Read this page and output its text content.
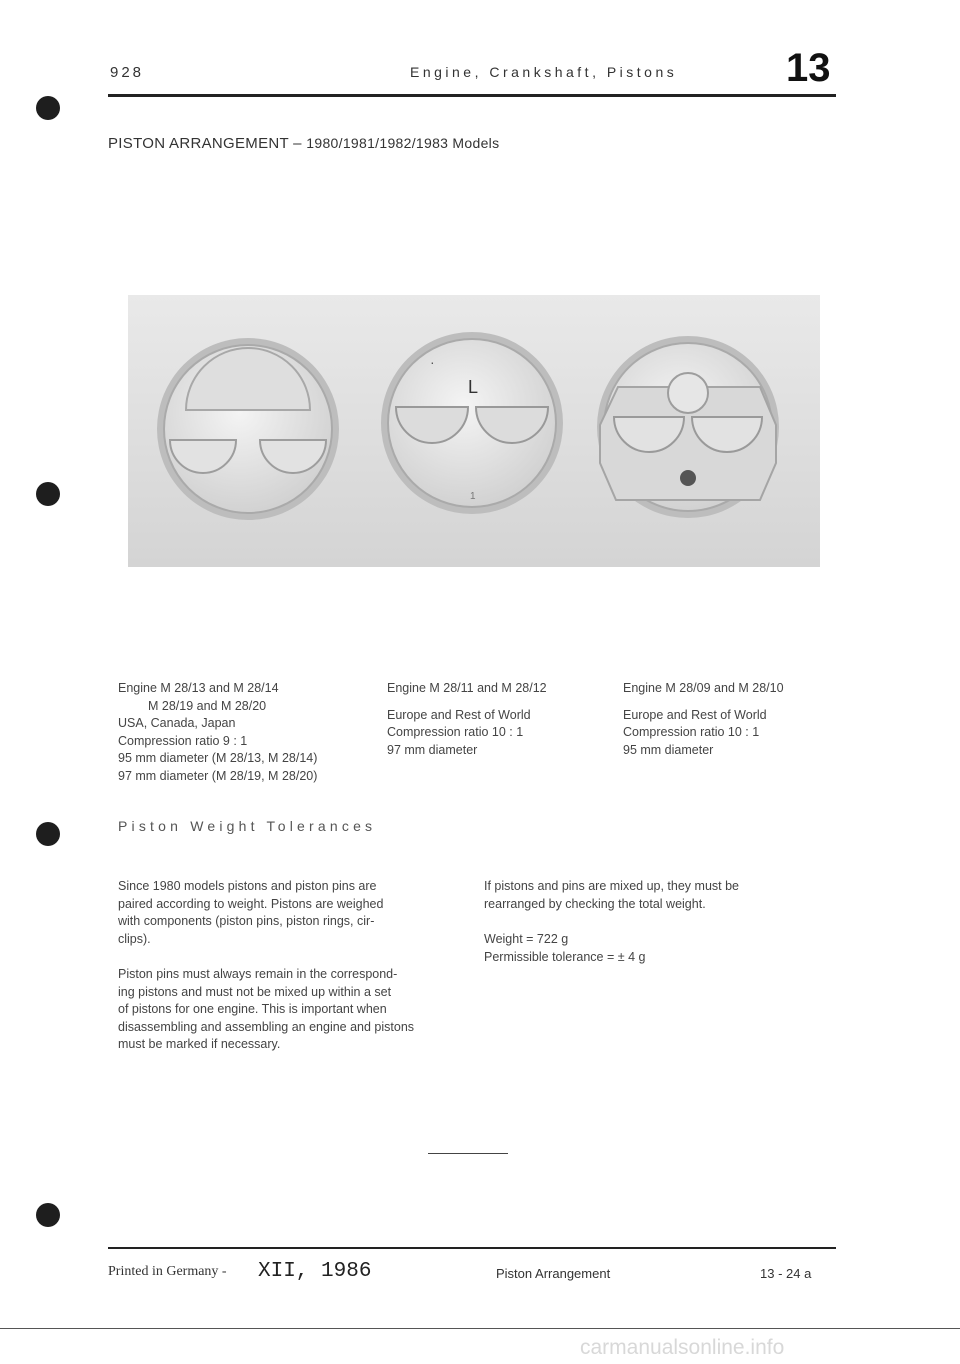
928	Engine, Crankshaft, Pistons	13
PISTON ARRANGEMENT – 1980/1981/1982/1983 Models
L
·
1
Engine M 28/13 and M 28/14
M 28/19 and M 28/20
USA, Canada, Japan
Compression ratio 9 : 1
95 mm diameter (M 28/13, M 28/14)
97 mm diameter (M 28/19, M 28/20)
Engine M 28/11 and M 28/12
Europe and Rest of World
Compression ratio 10 : 1
97 mm diameter
Engine M 28/09 and M 28/10
Europe and Rest of World
Compression ratio 10 : 1
95 mm diameter
Piston Weight Tolerances
Since 1980 models pistons and piston pins are
paired according to weight. Pistons are weighed
with components (piston pins, piston rings, cir-
clips).
Piston pins must always remain in the correspond-
ing pistons and must not be mixed up within a set
of pistons for one engine. This is important when
disassembling and assembling an engine and pistons
must be marked if necessary.
If pistons and pins are mixed up, they must be
rearranged by checking the total weight.
Weight = 722 g
Permissible tolerance = ± 4 g
Printed in Germany - XII, 1986	Piston Arrangement	13 - 24 a
carmanualsonline.info
